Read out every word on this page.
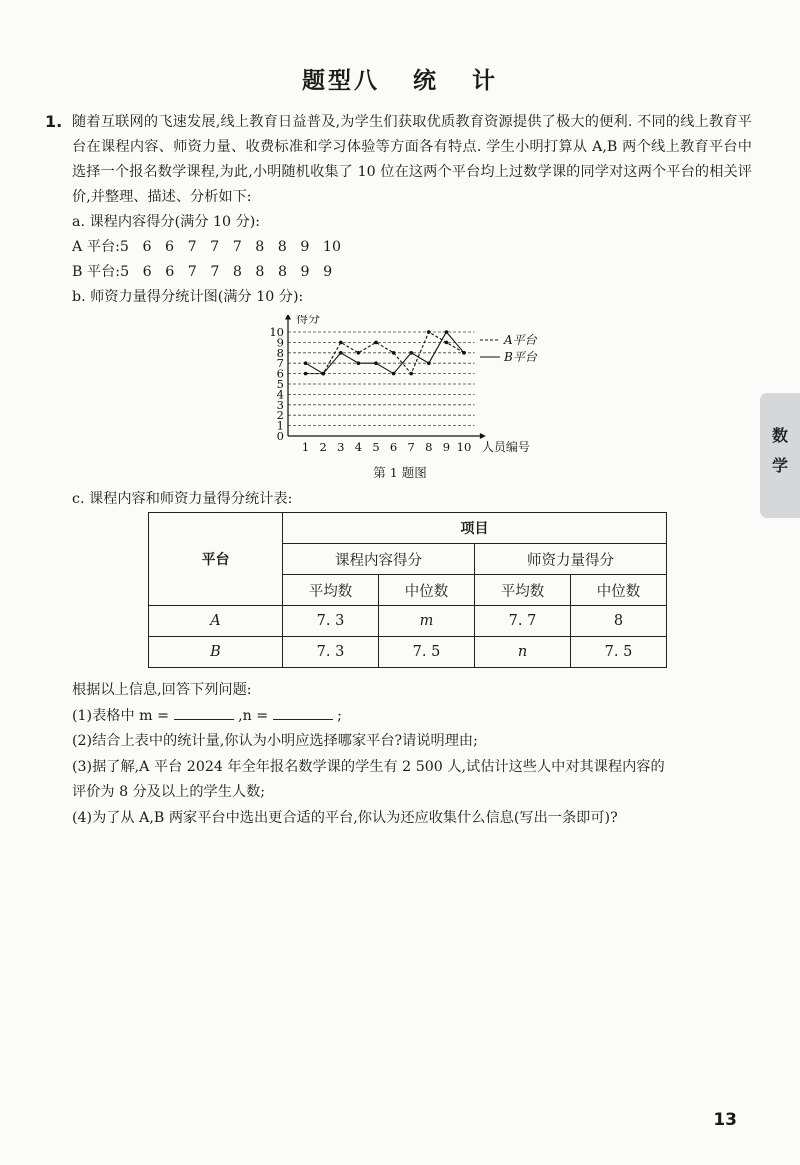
题型八   统   计
1. 随着互联网的飞速发展,线上教育日益普及,为学生们获取优质教育资源提供了极大的便利. 不同的线上教育平台在课程内容、师资力量、收费标准和学习体验等方面各有特点. 学生小明打算从 A,B 两个线上教育平台中选择一个报名数学课程,为此,小明随机收集了 10 位在这两个平台均上过数学课的同学对这两个平台的相关评价,并整理、描述、分析如下:

a. 课程内容得分(满分 10 分):

A 平台:5   6   6   7   7   7   8   8   9   10

B 平台:5   6   6   7   7   8   8   8   9   9

b. 师资力量得分统计图(满分 10 分):

0
1
2
3
4
5
6
7
8
9
10
1 2 3 4 5 6 7 8 9 10
得分
人员编号
A平台
B平台
第 1 题图
c. 课程内容和师资力量得分统计表:
平台	项目			
	课程内容得分		师资力量得分	
	平均数	中位数	平均数	中位数
A	7. 3	m	7. 7	8
B	7. 3	7. 5	n	7. 5

根据以上信息,回答下列问题:

(1)表格中 m =	,n =	;

(2)结合上表中的统计量,你认为小明应选择哪家平台?请说明理由;

(3)据了解,A 平台 2024 年全年报名数学课的学生有 2 500 人,试估计这些人中对其课程内容的

评价为 8 分及以上的学生人数;

(4)为了从 A,B 两家平台中选出更合适的平台,你认为还应收集什么信息(写出一条即可)?

数学
13
